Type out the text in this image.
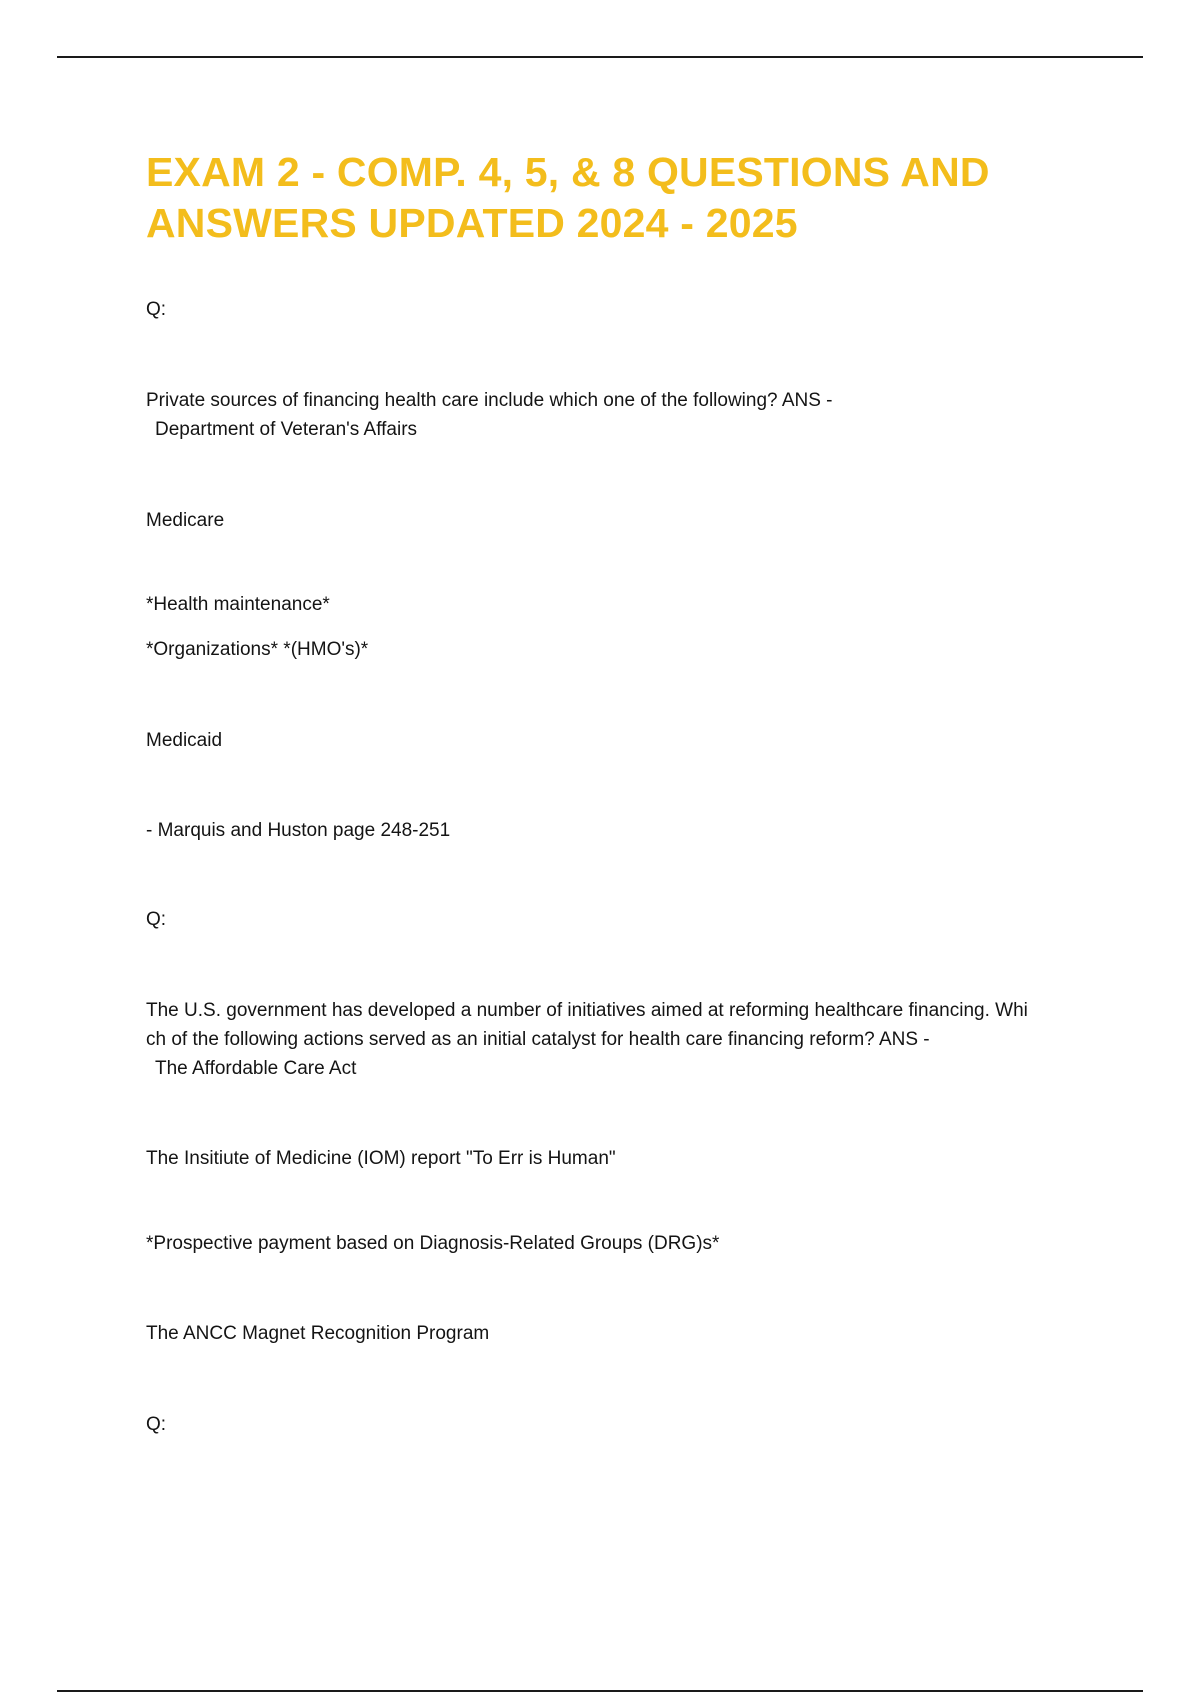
EXAM 2 - COMP. 4, 5, & 8 QUESTIONS AND
ANSWERS UPDATED 2024 - 2025

Q:

Private sources of financing health care include which one of the following? ANS -

Department of Veteran's Affairs

Medicare

*Health maintenance*

*Organizations* *(HMO's)*

Medicaid

- Marquis and Huston page 248-251

Q:

The U.S. government has developed a number of initiatives aimed at reforming healthcare financing. Whi

ch of the following actions served as an initial catalyst for health care financing reform? ANS -

The Affordable Care Act

The Insitiute of Medicine (IOM) report "To Err is Human"

*Prospective payment based on Diagnosis-Related Groups (DRG)s*

The ANCC Magnet Recognition Program

Q:
